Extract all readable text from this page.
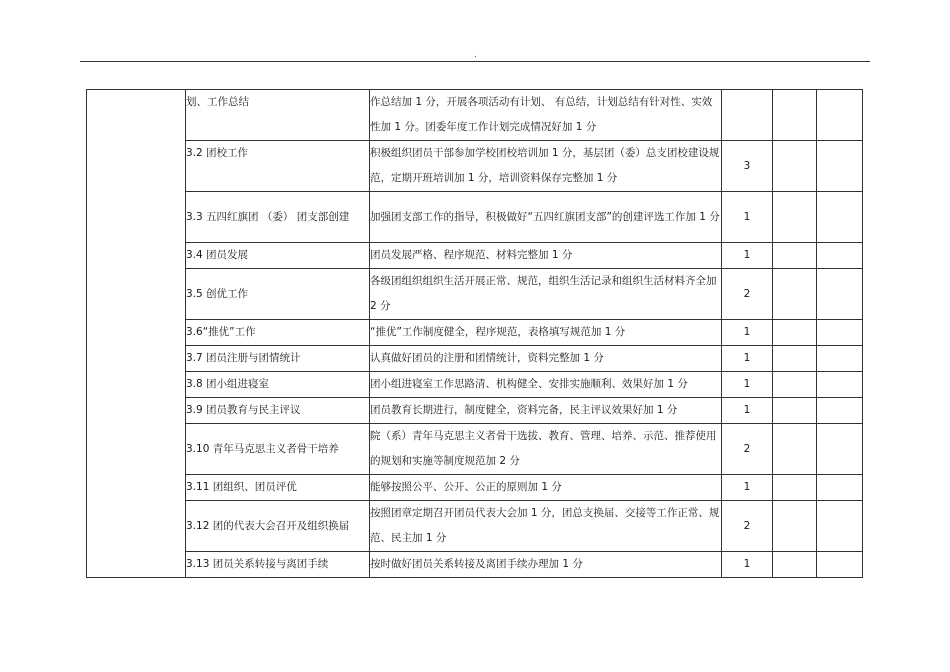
.
	划、工作总结	作总结加 1 分，开展各项活动有计划、 有总结，计划总结有针对性、实效性加 1 分。团委年度工作计划完成情况好加 1 分			
	3.2 团校工作	积极组织团员干部参加学校团校培训加 1 分，基层团（委）总支团校建设规范，定期开班培训加 1 分，培训资料保存完整加 1 分	3		
	3.3 五四红旗团 （委） 团支部创建	加强团支部工作的指导，积极做好“五四红旗团支部”的创建评选工作加 1 分	1		
	3.4 团员发展	团员发展严格、程序规范、材料完整加 1 分	1		
	3.5 创优工作	各级团组织组织生活开展正常、规范，组织生活记录和组织生活材料齐全加 2 分	2		
	3.6“推优”工作	“推优”工作制度健全，程序规范，表格填写规范加 1 分	1		
	3.7 团员注册与团情统计	认真做好团员的注册和团情统计，资料完整加 1 分	1		
	3.8 团小组进寝室	团小组进寝室工作思路清、机构健全、安排实施顺利、效果好加 1 分	1		
	3.9 团员教育与民主评议	团员教育长期进行，制度健全，资料完备，民主评议效果好加 1 分	1		
	3.10 青年马克思主义者骨干培养	院（系）青年马克思主义者骨干选拔、教育、管理、培养、示范、推荐使用的规划和实施等制度规范加 2 分	2		
	3.11 团组织、团员评优	能够按照公平、公开、公正的原则加 1 分	1		
	3.12 团的代表大会召开及组织换届	按照团章定期召开团员代表大会加 1 分，团总支换届、交接等工作正常、规范、民主加 1 分	2		
	3.13 团员关系转接与离团手续	按时做好团员关系转接及离团手续办理加 1 分	1		
